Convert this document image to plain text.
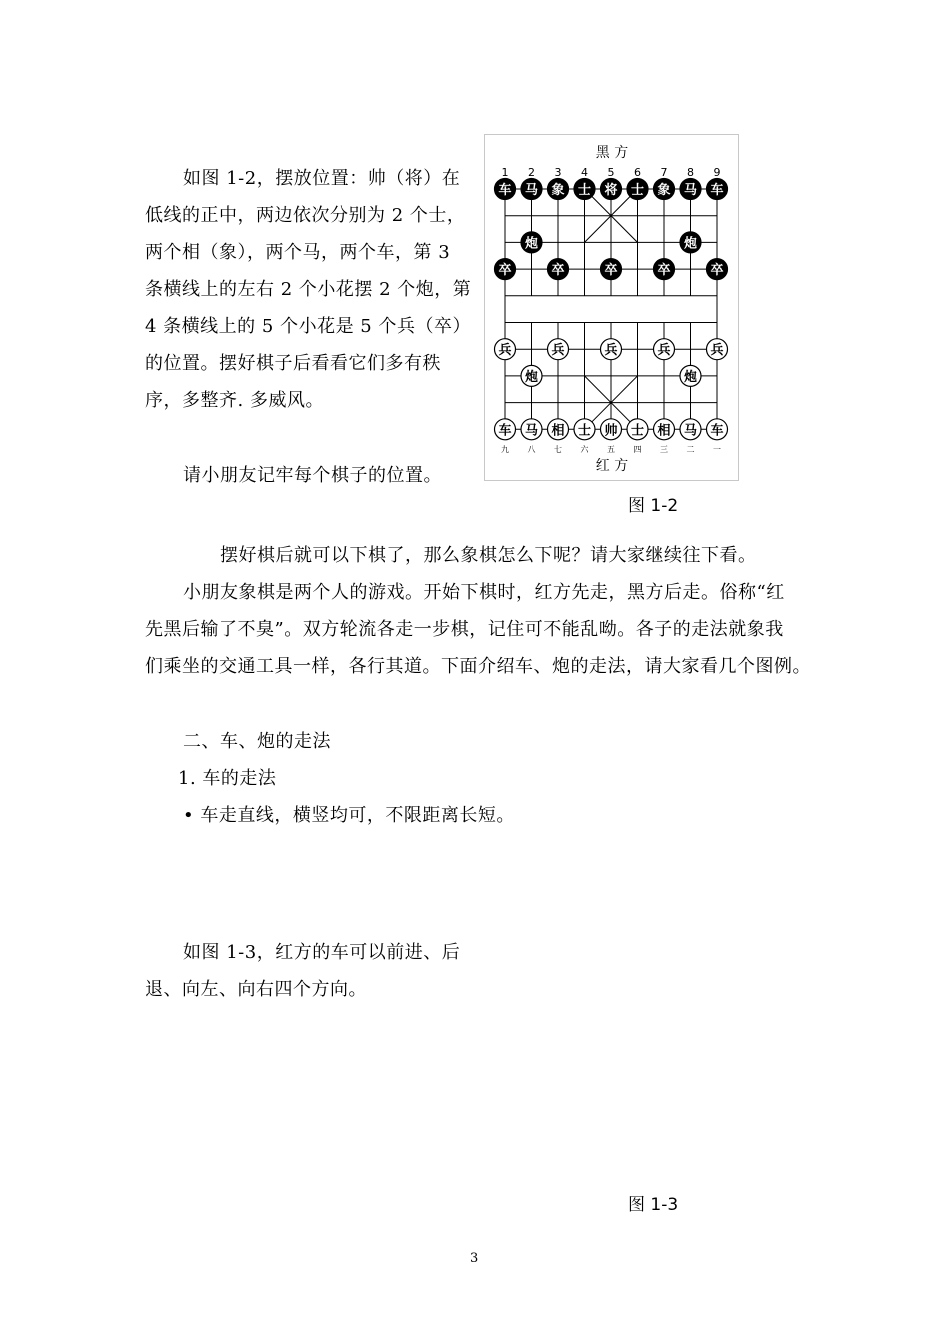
如图 1-2，摆放位置：帅（将）在
低线的正中，两边依次分别为 2 个士，
两个相（象），两个马，两个车，第 3
条横线上的左右 2 个小花摆 2 个炮，第
4 条横线上的 5 个小花是 5 个兵（卒）
的位置。摆好棋子后看看它们多有秩
序，多整齐. 多威风。
请小朋友记牢每个棋子的位置。
黑 方
红 方
1 2 3 4 5 6 7 8 9
九 八 七 六 五 四 三 二 一
车 马 象 士 将 士 象 马 车
炮	炮
卒	卒	卒	卒	卒
兵	兵	兵	兵	兵
炮	炮
车 马 相 士 帅 士 相 马 车
图 1-2
摆好棋后就可以下棋了，那么象棋怎么下呢？请大家继续往下看。
小朋友象棋是两个人的游戏。开始下棋时，红方先走，黑方后走。俗称“红
先黑后输了不臭”。双方轮流各走一步棋，记住可不能乱呦。各子的走法就象我
们乘坐的交通工具一样，各行其道。下面介绍车、炮的走法，请大家看几个图例。
二、车、炮的走法
1. 车的走法
• 车走直线，横竖均可，不限距离长短。
如图 1-3，红方的车可以前进、后
退、向左、向右四个方向。
图 1-3
3
